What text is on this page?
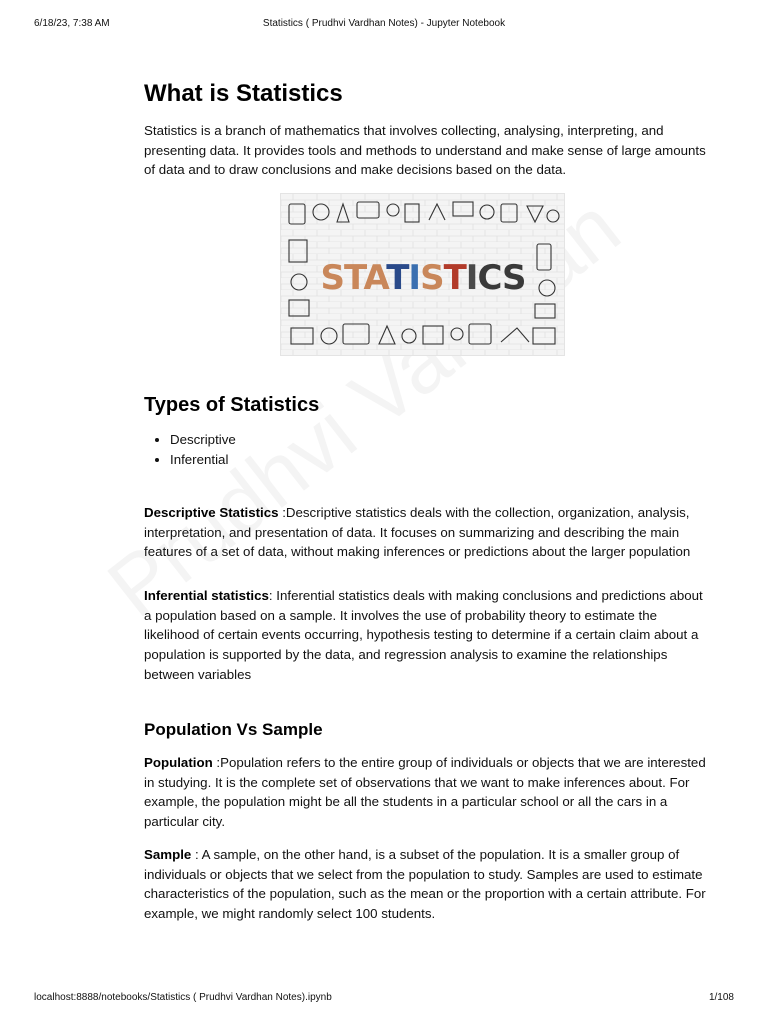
6/18/23, 7:38 AM	Statistics ( Prudhvi Vardhan Notes) - Jupyter Notebook
What is Statistics

Statistics is a branch of mathematics that involves collecting, analysing, interpreting, and presenting data. It provides tools and methods to understand and make sense of large amounts of data and to draw conclusions and make decisions based on the data.

STATISTICS
Types of Statistics
• Descriptive
• Inferential

Descriptive Statistics :Descriptive statistics deals with the collection, organization, analysis, interpretation, and presentation of data. It focuses on summarizing and describing the main features of a set of data, without making inferences or predictions about the larger population

Inferential statistics: Inferential statistics deals with making conclusions and predictions about a population based on a sample. It involves the use of probability theory to estimate the likelihood of certain events occurring, hypothesis testing to determine if a certain claim about a population is supported by the data, and regression analysis to examine the relationships between variables

Population Vs Sample

Population :Population refers to the entire group of individuals or objects that we are interested in studying. It is the complete set of observations that we want to make inferences about. For example, the population might be all the students in a particular school or all the cars in a particular city.

Sample : A sample, on the other hand, is a subset of the population. It is a smaller group of individuals or objects that we select from the population to study. Samples are used to estimate characteristics of the population, such as the mean or the proportion with a certain attribute. For example, we might randomly select 100 students.

localhost:8888/notebooks/Statistics ( Prudhvi Vardhan Notes).ipynb	1/108
